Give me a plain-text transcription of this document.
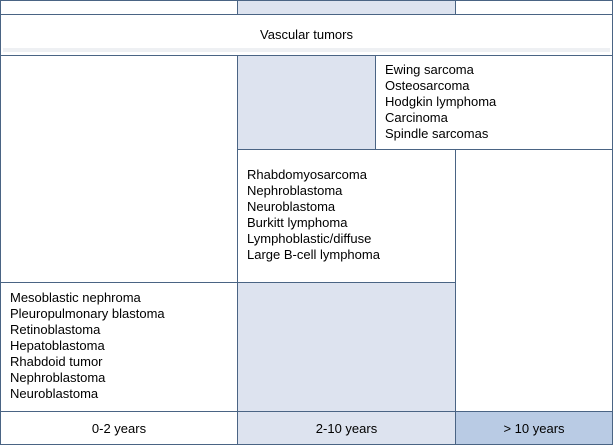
Vascular tumors
Ewing sarcoma
Osteosarcoma
Hodgkin lymphoma
Carcinoma
Spindle sarcomas
Rhabdomyosarcoma
Nephroblastoma
Neuroblastoma
Burkitt lymphoma
Lymphoblastic/diffuse
Large B-cell lymphoma
Mesoblastic nephroma
Pleuropulmonary blastoma
Retinoblastoma
Hepatoblastoma
Rhabdoid tumor
Nephroblastoma
Neuroblastoma
0-2 years	2-10 years	> 10 years
